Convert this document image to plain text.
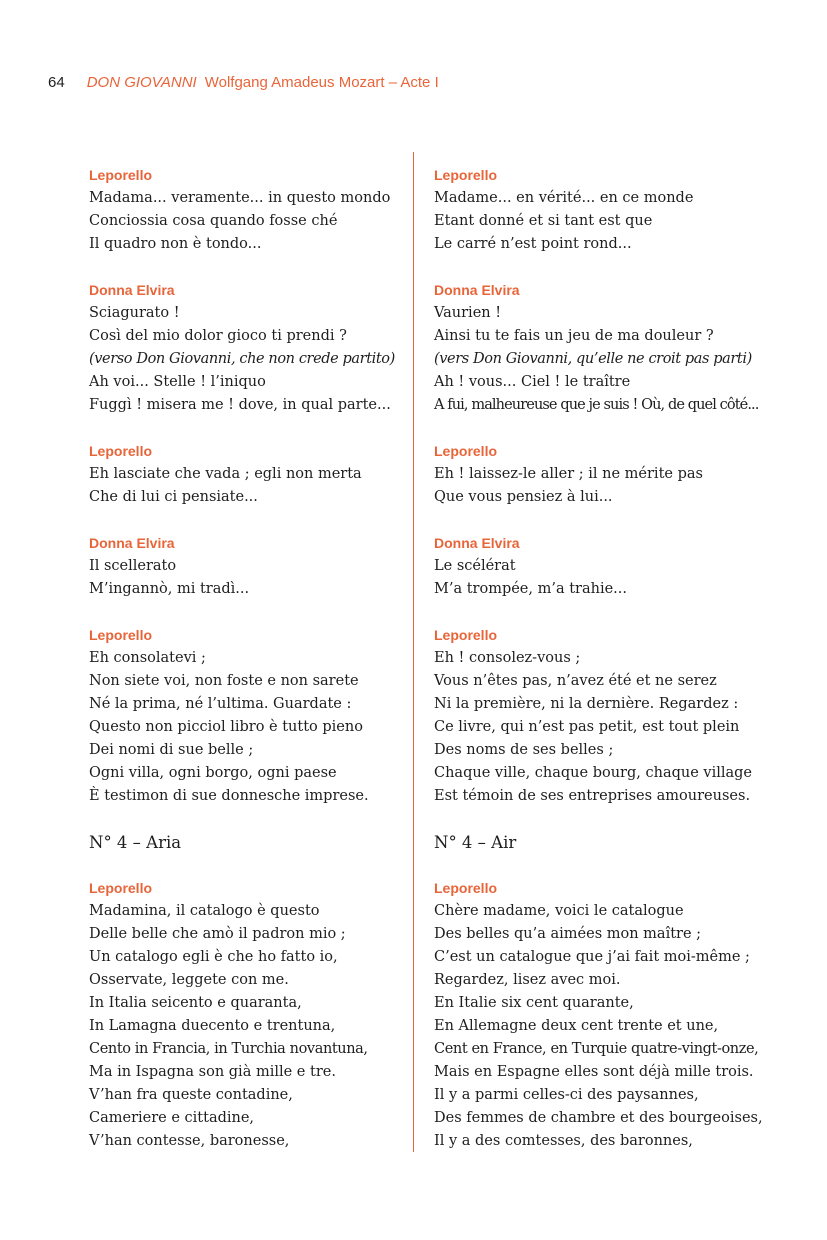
64 DON GIOVANNI Wolfgang Amadeus Mozart – Acte I
Leporello
Madama... veramente... in questo mondo
Conciossia cosa quando fosse ché
Il quadro non è tondo...
Donna Elvira
Sciagurato !
Così del mio dolor gioco ti prendi ?
(verso Don Giovanni, che non crede partito)
Ah voi... Stelle ! l’iniquo
Fuggì ! misera me ! dove, in qual parte...
Leporello
Eh lasciate che vada ; egli non merta
Che di lui ci pensiate...
Donna Elvira
Il scellerato
M’ingannò, mi tradì...
Leporello
Eh consolatevi ;
Non siete voi, non foste e non sarete
Né la prima, né l’ultima. Guardate :
Questo non picciol libro è tutto pieno
Dei nomi di sue belle ;
Ogni villa, ogni borgo, ogni paese
È testimon di sue donnesche imprese.
N° 4 – Aria
Leporello
Madamina, il catalogo è questo
Delle belle che amò il padron mio ;
Un catalogo egli è che ho fatto io,
Osservate, leggete con me.
In Italia seicento e quaranta,
In Lamagna duecento e trentuna,
Cento in Francia, in Turchia novantuna,
Ma in Ispagna son già mille e tre.
V’han fra queste contadine,
Cameriere e cittadine,
V’han contesse, baronesse,
Leporello
Madame... en vérité... en ce monde
Etant donné et si tant est que
Le carré n’est point rond...
Donna Elvira
Vaurien !
Ainsi tu te fais un jeu de ma douleur ?
(vers Don Giovanni, qu’elle ne croit pas parti)
Ah ! vous... Ciel ! le traître
A fui, malheureuse que je suis ! Où, de quel côté...
Leporello
Eh ! laissez-le aller ; il ne mérite pas
Que vous pensiez à lui...
Donna Elvira
Le scélérat
M’a trompée, m’a trahie...
Leporello
Eh ! consolez-vous ;
Vous n’êtes pas, n’avez été et ne serez
Ni la première, ni la dernière. Regardez :
Ce livre, qui n’est pas petit, est tout plein
Des noms de ses belles ;
Chaque ville, chaque bourg, chaque village
Est témoin de ses entreprises amoureuses.
N° 4 – Air
Leporello
Chère madame, voici le catalogue
Des belles qu’a aimées mon maître ;
C’est un catalogue que j’ai fait moi-même ;
Regardez, lisez avec moi.
En Italie six cent quarante,
En Allemagne deux cent trente et une,
Cent en France, en Turquie quatre-vingt-onze,
Mais en Espagne elles sont déjà mille trois.
Il y a parmi celles-ci des paysannes,
Des femmes de chambre et des bourgeoises,
Il y a des comtesses, des baronnes,
